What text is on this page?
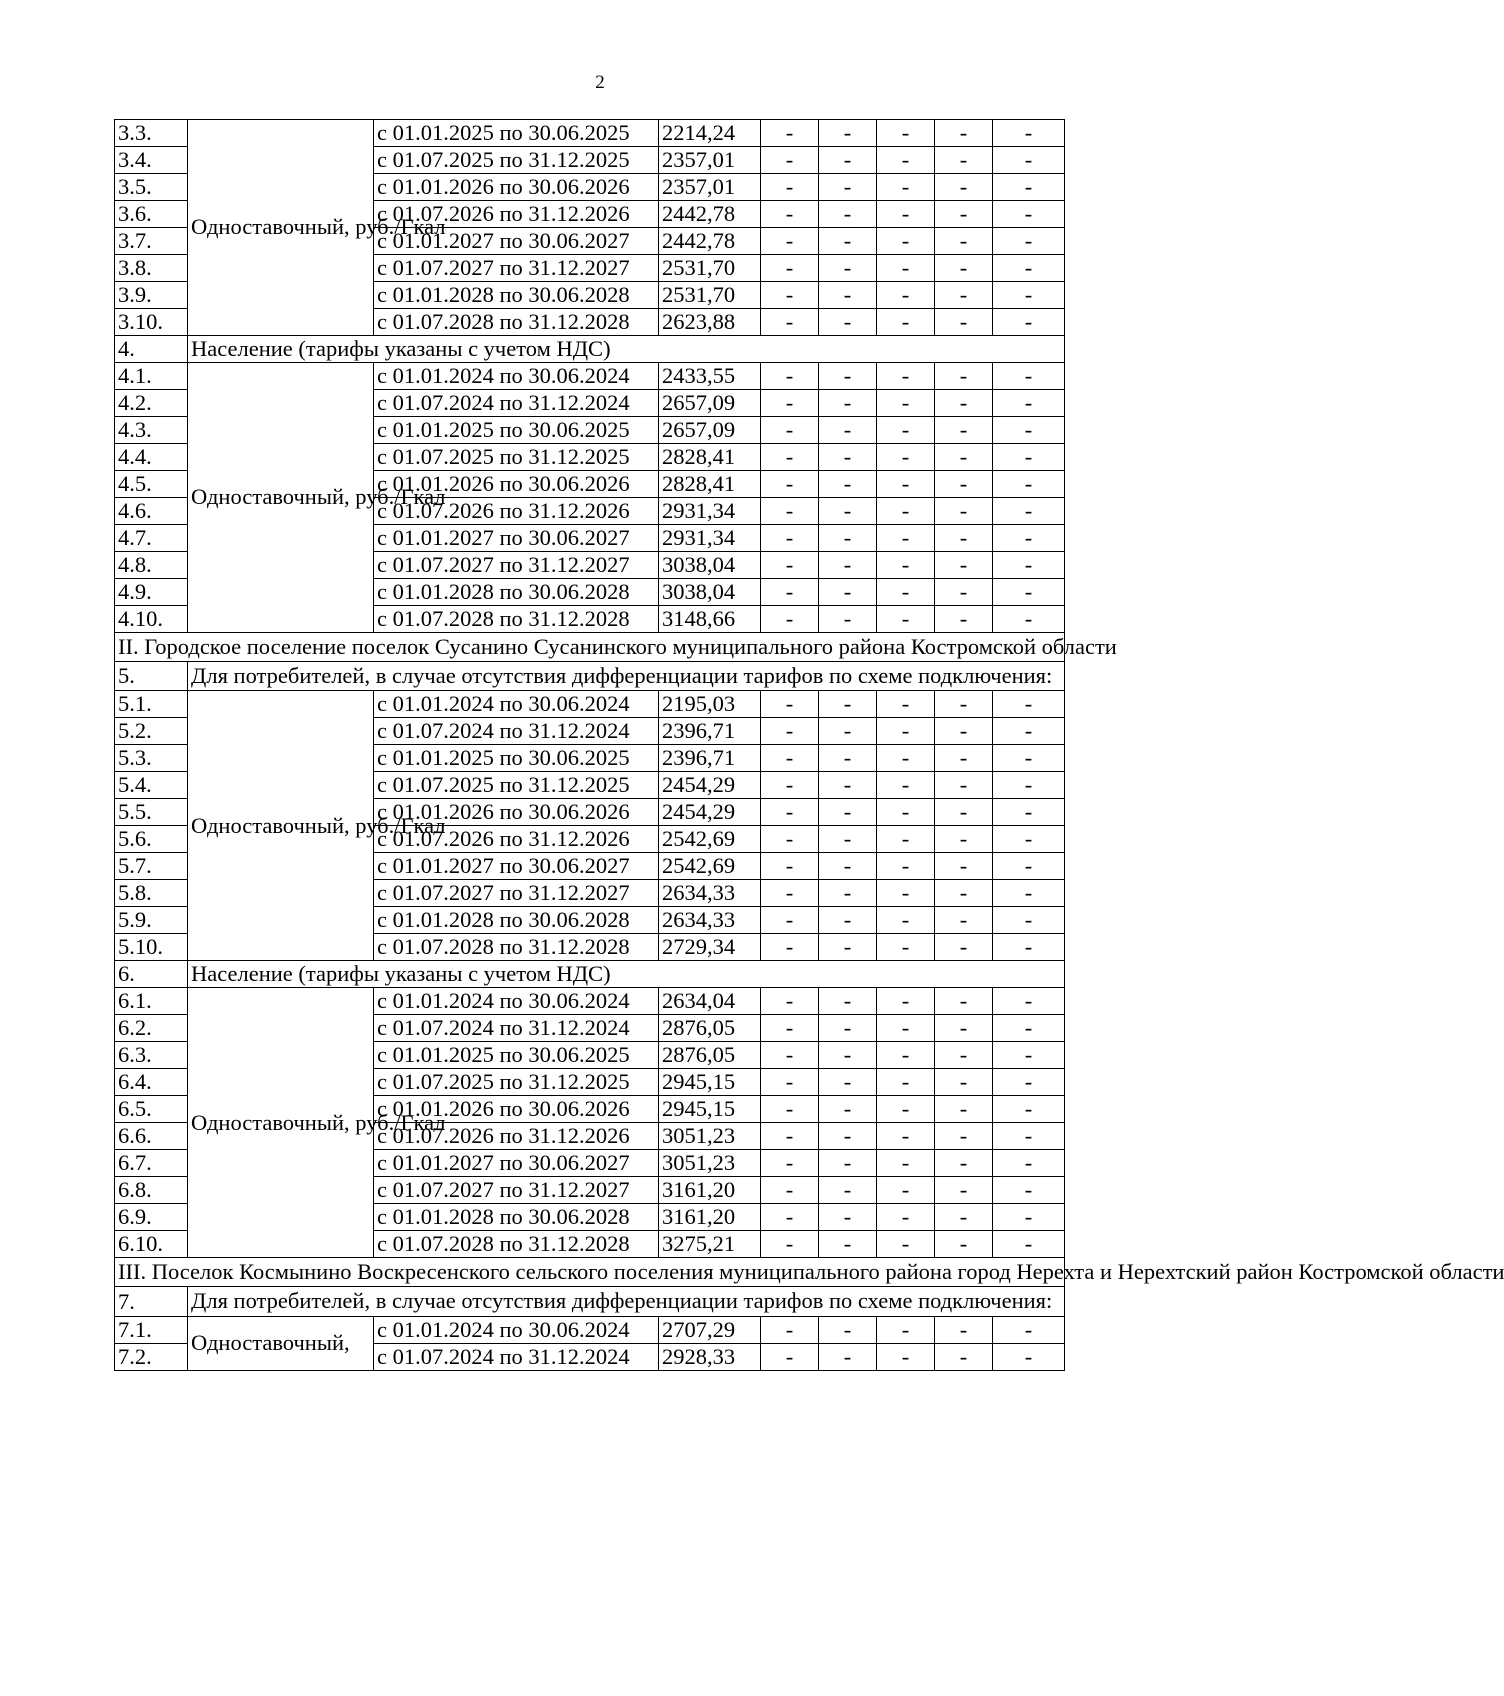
2
3.3.	Одноставочный, руб./Гкал	с 01.01.2025 по 30.06.2025	2214,24	-	-	-	-	-
3.4.		с 01.07.2025 по 31.12.2025	2357,01	-	-	-	-	-
3.5.		с 01.01.2026 по 30.06.2026	2357,01	-	-	-	-	-
3.6.		с 01.07.2026 по 31.12.2026	2442,78	-	-	-	-	-
3.7.		с 01.01.2027 по 30.06.2027	2442,78	-	-	-	-	-
3.8.		с 01.07.2027 по 31.12.2027	2531,70	-	-	-	-	-
3.9.		с 01.01.2028 по 30.06.2028	2531,70	-	-	-	-	-
3.10.		с 01.07.2028 по 31.12.2028	2623,88	-	-	-	-	-
4.	Население (тарифы указаны с учетом НДС)							
4.1.	Одноставочный, руб./Гкал	с 01.01.2024 по 30.06.2024	2433,55	-	-	-	-	-
4.2.		с 01.07.2024 по 31.12.2024	2657,09	-	-	-	-	-
4.3.		с 01.01.2025 по 30.06.2025	2657,09	-	-	-	-	-
4.4.		с 01.07.2025 по 31.12.2025	2828,41	-	-	-	-	-
4.5.		с 01.01.2026 по 30.06.2026	2828,41	-	-	-	-	-
4.6.		с 01.07.2026 по 31.12.2026	2931,34	-	-	-	-	-
4.7.		с 01.01.2027 по 30.06.2027	2931,34	-	-	-	-	-
4.8.		с 01.07.2027 по 31.12.2027	3038,04	-	-	-	-	-
4.9.		с 01.01.2028 по 30.06.2028	3038,04	-	-	-	-	-
4.10.		с 01.07.2028 по 31.12.2028	3148,66	-	-	-	-	-
II. Городское поселение поселок Сусанино Сусанинского муниципального района Костромской области								
5.	Для потребителей, в случае отсутствия дифференциации тарифов по схеме подключения:							
5.1.	Одноставочный, руб./Гкал	с 01.01.2024 по 30.06.2024	2195,03	-	-	-	-	-
5.2.		с 01.07.2024 по 31.12.2024	2396,71	-	-	-	-	-
5.3.		с 01.01.2025 по 30.06.2025	2396,71	-	-	-	-	-
5.4.		с 01.07.2025 по 31.12.2025	2454,29	-	-	-	-	-
5.5.		с 01.01.2026 по 30.06.2026	2454,29	-	-	-	-	-
5.6.		с 01.07.2026 по 31.12.2026	2542,69	-	-	-	-	-
5.7.		с 01.01.2027 по 30.06.2027	2542,69	-	-	-	-	-
5.8.		с 01.07.2027 по 31.12.2027	2634,33	-	-	-	-	-
5.9.		с 01.01.2028 по 30.06.2028	2634,33	-	-	-	-	-
5.10.		с 01.07.2028 по 31.12.2028	2729,34	-	-	-	-	-
6.	Население (тарифы указаны с учетом НДС)							
6.1.	Одноставочный, руб./Гкал	с 01.01.2024 по 30.06.2024	2634,04	-	-	-	-	-
6.2.		с 01.07.2024 по 31.12.2024	2876,05	-	-	-	-	-
6.3.		с 01.01.2025 по 30.06.2025	2876,05	-	-	-	-	-
6.4.		с 01.07.2025 по 31.12.2025	2945,15	-	-	-	-	-
6.5.		с 01.01.2026 по 30.06.2026	2945,15	-	-	-	-	-
6.6.		с 01.07.2026 по 31.12.2026	3051,23	-	-	-	-	-
6.7.		с 01.01.2027 по 30.06.2027	3051,23	-	-	-	-	-
6.8.		с 01.07.2027 по 31.12.2027	3161,20	-	-	-	-	-
6.9.		с 01.01.2028 по 30.06.2028	3161,20	-	-	-	-	-
6.10.		с 01.07.2028 по 31.12.2028	3275,21	-	-	-	-	-
III. Поселок Космынино Воскресенского сельского поселения муниципального района город Нерехта и Нерехтский район Костромской области								
7.	Для потребителей, в случае отсутствия дифференциации тарифов по схеме подключения:							
7.1.	Одноставочный,	с 01.01.2024 по 30.06.2024	2707,29	-	-	-	-	-
7.2.		с 01.07.2024 по 31.12.2024	2928,33	-	-	-	-	-
